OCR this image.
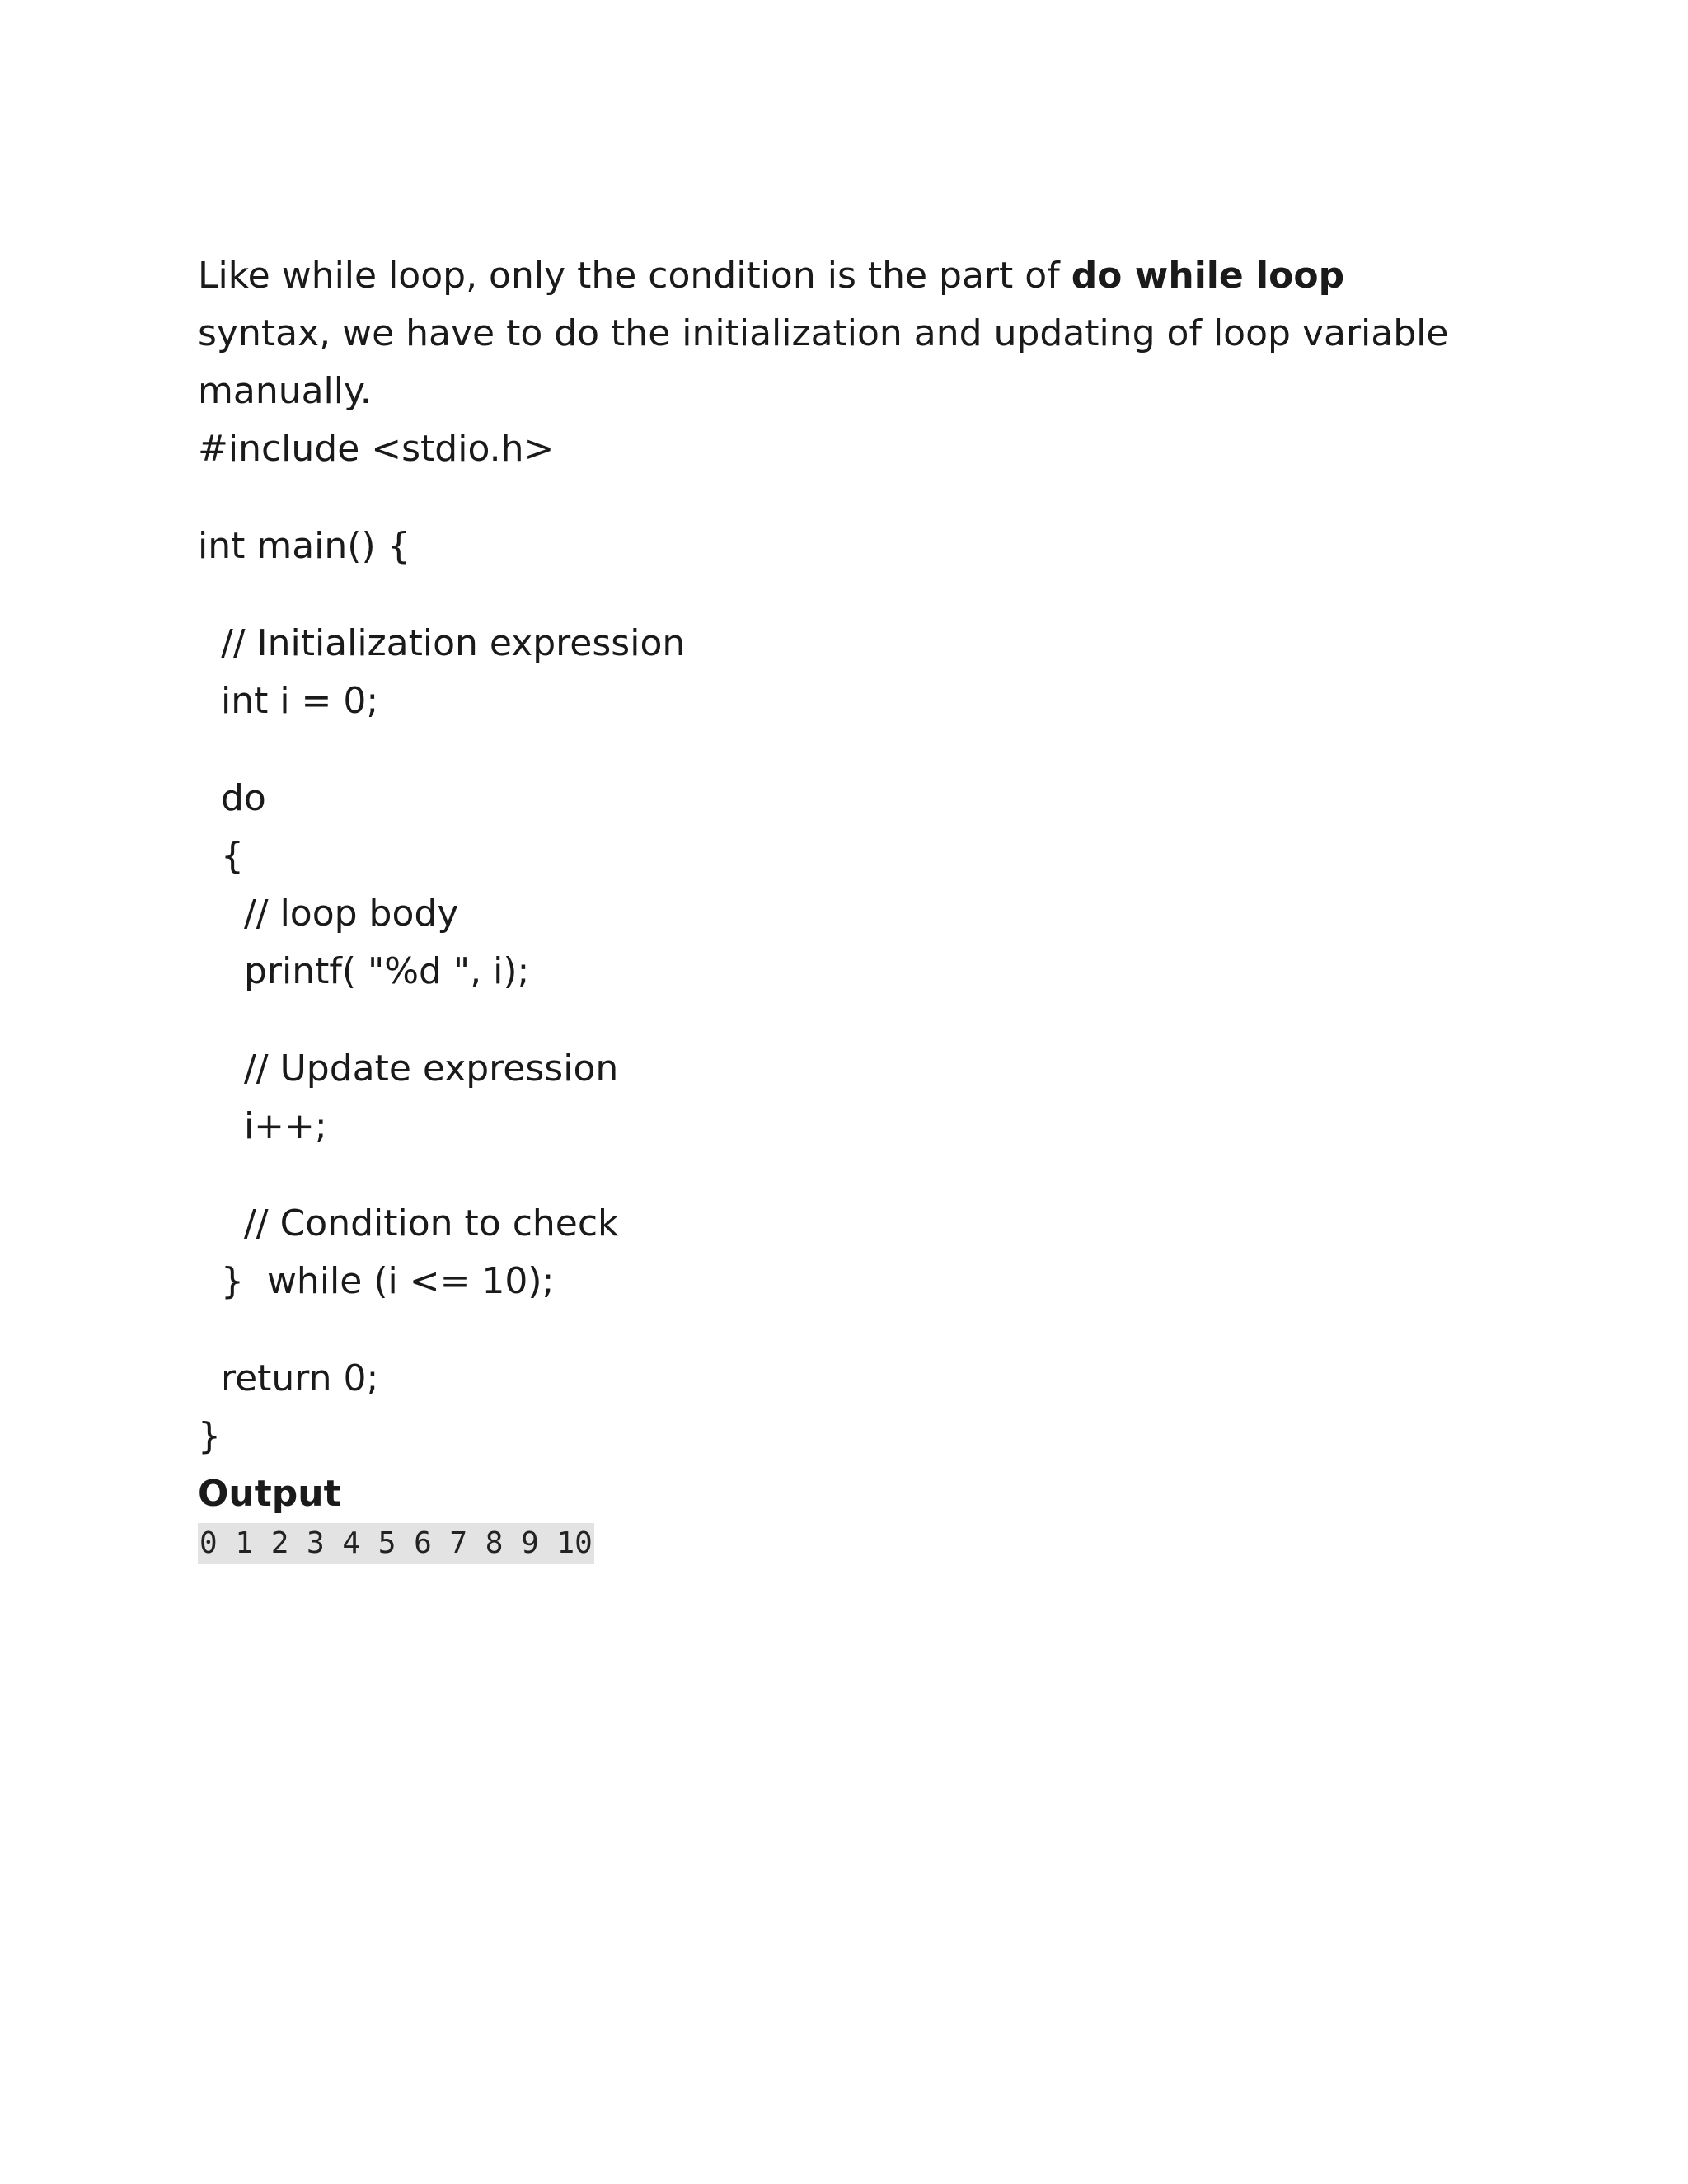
Like while loop, only the condition is the part of do while loop syntax, we have to do the initialization and updating of loop variable manually.

#include <stdio.h>
int main() {
// Initialization expression
int i = 0;
do
{
// loop body
printf( "%d ", i);
// Update expression
i++;
// Condition to check
}  while (i <= 10);
return 0;
}
Output
0 1 2 3 4 5 6 7 8 9 10
